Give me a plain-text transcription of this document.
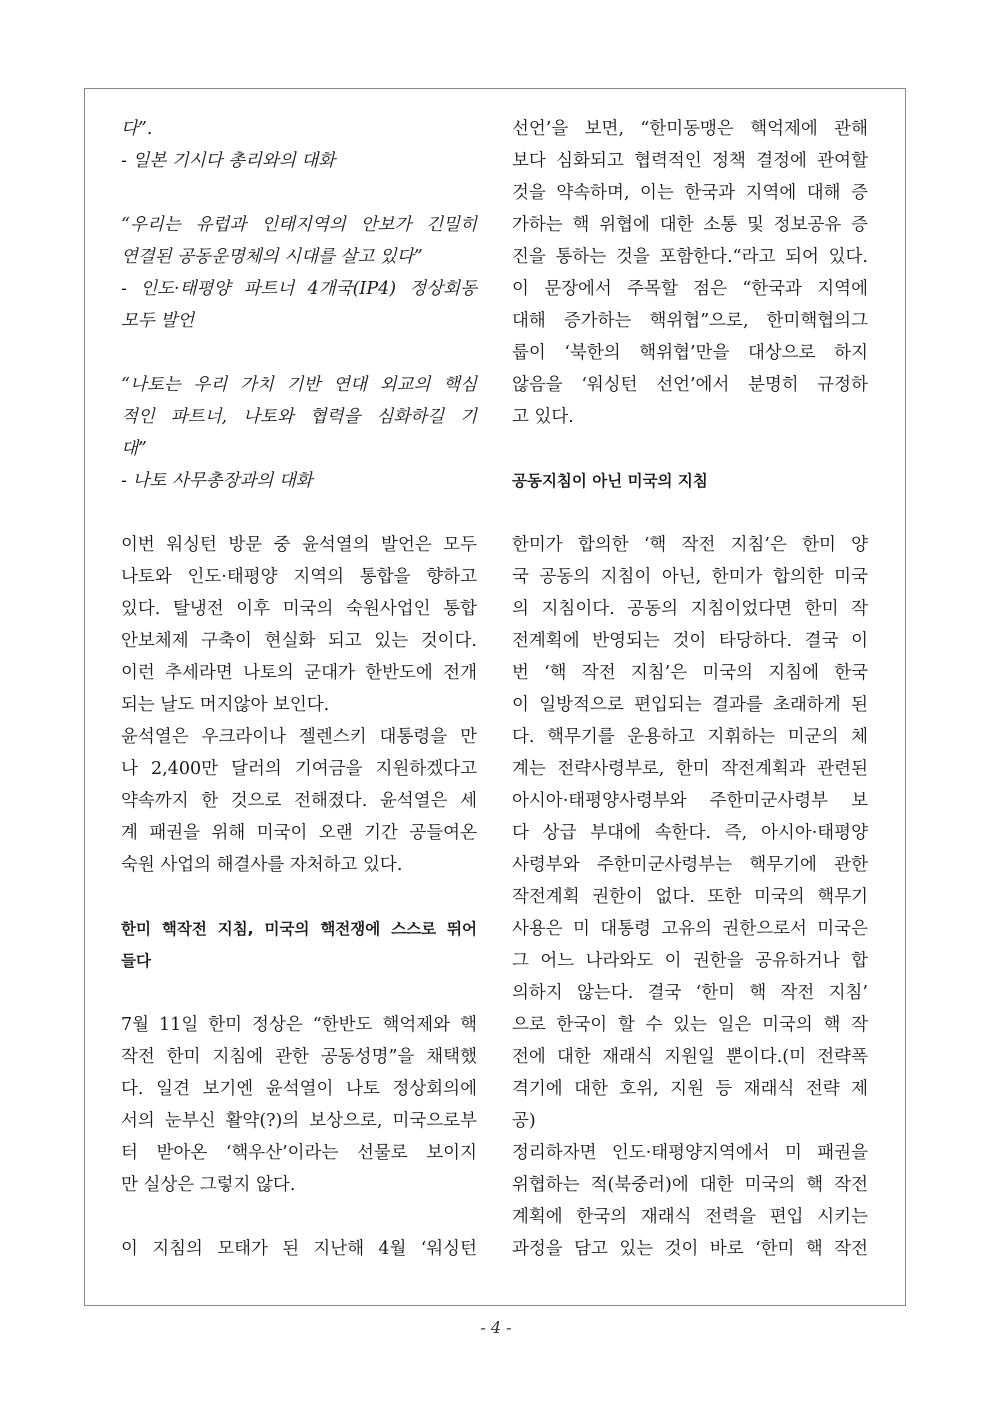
다”.
- 일본 기시다 총리와의 대화
“우리는 유럽과 인태지역의 안보가 긴밀히
연결된 공동운명체의 시대를 살고 있다”
- 인도·태평양 파트너 4개국(IP4) 정상회동
모두 발언
“나토는 우리 가치 기반 연대 외교의 핵심
적인 파트너, 나토와 협력을 심화하길 기
대”
- 나토 사무총장과의 대화
이번 워싱턴 방문 중 윤석열의 발언은 모두
나토와 인도·태평양 지역의 통합을 향하고
있다. 탈냉전 이후 미국의 숙원사업인 통합
안보체제 구축이 현실화 되고 있는 것이다.
이런 추세라면 나토의 군대가 한반도에 전개
되는 날도 머지않아 보인다.
윤석열은 우크라이나 젤렌스키 대통령을 만
나 2,400만 달러의 기여금을 지원하겠다고
약속까지 한 것으로 전해졌다. 윤석열은 세
계 패권을 위해 미국이 오랜 기간 공들여온
숙원 사업의 해결사를 자처하고 있다.
한미 핵작전 지침, 미국의 핵전쟁에 스스로 뛰어
들다
7월 11일 한미 정상은 “한반도 핵억제와 핵
작전 한미 지침에 관한 공동성명”을 채택했
다. 일견 보기엔 윤석열이 나토 정상회의에
서의 눈부신 활약(?)의 보상으로, 미국으로부
터 받아온 ‘핵우산’이라는 선물로 보이지
만 실상은 그렇지 않다.
이 지침의 모태가 된 지난해 4월 ‘워싱턴
선언’을 보면, “한미동맹은 핵억제에 관해
보다 심화되고 협력적인 정책 결정에 관여할
것을 약속하며, 이는 한국과 지역에 대해 증
가하는 핵 위협에 대한 소통 및 정보공유 증
진을 통하는 것을 포함한다.“라고 되어 있다.
이 문장에서 주목할 점은 “한국과 지역에
대해 증가하는 핵위협”으로, 한미핵협의그
룹이 ‘북한의 핵위협’만을 대상으로 하지
않음을 ‘워싱턴 선언’에서 분명히 규정하
고 있다.
공동지침이 아닌 미국의 지침
한미가 합의한 ‘핵 작전 지침’은 한미 양
국 공동의 지침이 아닌, 한미가 합의한 미국
의 지침이다. 공동의 지침이었다면 한미 작
전계획에 반영되는 것이 타당하다. 결국 이
번 ‘핵 작전 지침’은 미국의 지침에 한국
이 일방적으로 편입되는 결과를 초래하게 된
다. 핵무기를 운용하고 지휘하는 미군의 체
계는 전략사령부로, 한미 작전계획과 관련된
아시아·태평양사령부와 주한미군사령부 보
다 상급 부대에 속한다. 즉, 아시아·태평양
사령부와 주한미군사령부는 핵무기에 관한
작전계획 권한이 없다. 또한 미국의 핵무기
사용은 미 대통령 고유의 권한으로서 미국은
그 어느 나라와도 이 권한을 공유하거나 합
의하지 않는다. 결국 ‘한미 핵 작전 지침’
으로 한국이 할 수 있는 일은 미국의 핵 작
전에 대한 재래식 지원일 뿐이다.(미 전략폭
격기에 대한 호위, 지원 등 재래식 전략 제
공)
정리하자면 인도·태평양지역에서 미 패권을
위협하는 적(북중러)에 대한 미국의 핵 작전
계획에 한국의 재래식 전력을 편입 시키는
과정을 담고 있는 것이 바로 ‘한미 핵 작전
- 4 -
